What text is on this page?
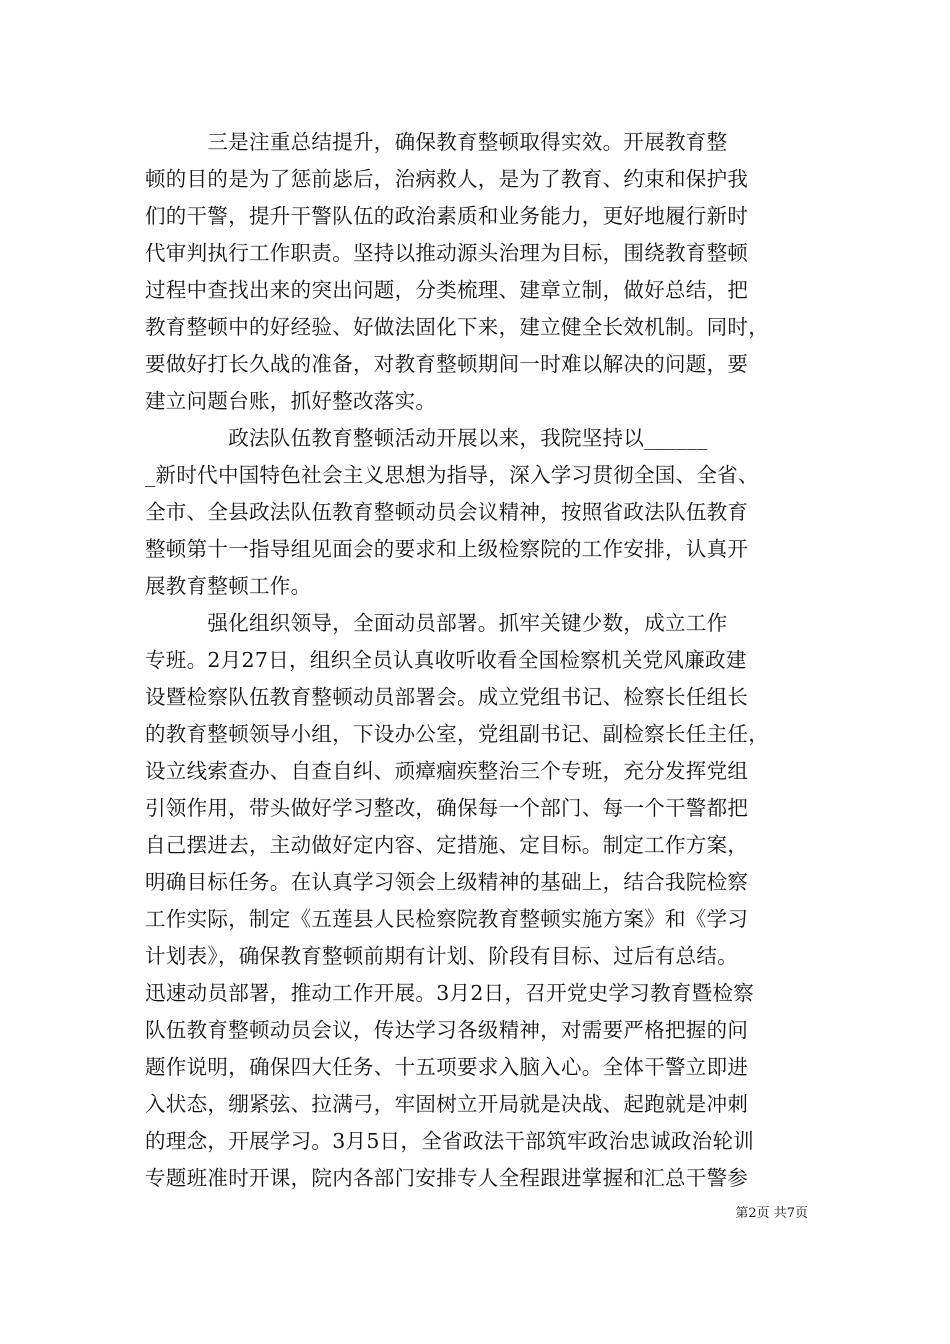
　　　三是注重总结提升，确保教育整顿取得实效。开展教育整
顿的目的是为了惩前毖后，治病救人，是为了教育、约束和保护我
们的干警，提升干警队伍的政治素质和业务能力，更好地履行新时
代审判执行工作职责。坚持以推动源头治理为目标，围绕教育整顿
过程中查找出来的突出问题，分类梳理、建章立制，做好总结，把
教育整顿中的好经验、好做法固化下来，建立健全长效机制。同时，
要做好打长久战的准备，对教育整顿期间一时难以解决的问题，要
建立问题台账，抓好整改落实。
　　　　政法队伍教育整顿活动开展以来，我院坚持以______
_新时代中国特色社会主义思想为指导，深入学习贯彻全国、全省、
全市、全县政法队伍教育整顿动员会议精神，按照省政法队伍教育
整顿第十一指导组见面会的要求和上级检察院的工作安排，认真开
展教育整顿工作。
　　　强化组织领导，全面动员部署。抓牢关键少数，成立工作
专班。2月27日，组织全员认真收听收看全国检察机关党风廉政建
设暨检察队伍教育整顿动员部署会。成立党组书记、检察长任组长
的教育整顿领导小组，下设办公室，党组副书记、副检察长任主任，
设立线索查办、自查自纠、顽瘴痼疾整治三个专班，充分发挥党组
引领作用，带头做好学习整改，确保每一个部门、每一个干警都把
自己摆进去，主动做好定内容、定措施、定目标。制定工作方案，
明确目标任务。在认真学习领会上级精神的基础上，结合我院检察
工作实际，制定《五莲县人民检察院教育整顿实施方案》和《学习
计划表》，确保教育整顿前期有计划、阶段有目标、过后有总结。
迅速动员部署，推动工作开展。3月2日，召开党史学习教育暨检察
队伍教育整顿动员会议，传达学习各级精神，对需要严格把握的问
题作说明，确保四大任务、十五项要求入脑入心。全体干警立即进
入状态，绷紧弦、拉满弓，牢固树立开局就是决战、起跑就是冲刺
的理念，开展学习。3月5日，全省政法干部筑牢政治忠诚政治轮训
专题班准时开课，院内各部门安排专人全程跟进掌握和汇总干警参
第2页 共7页
